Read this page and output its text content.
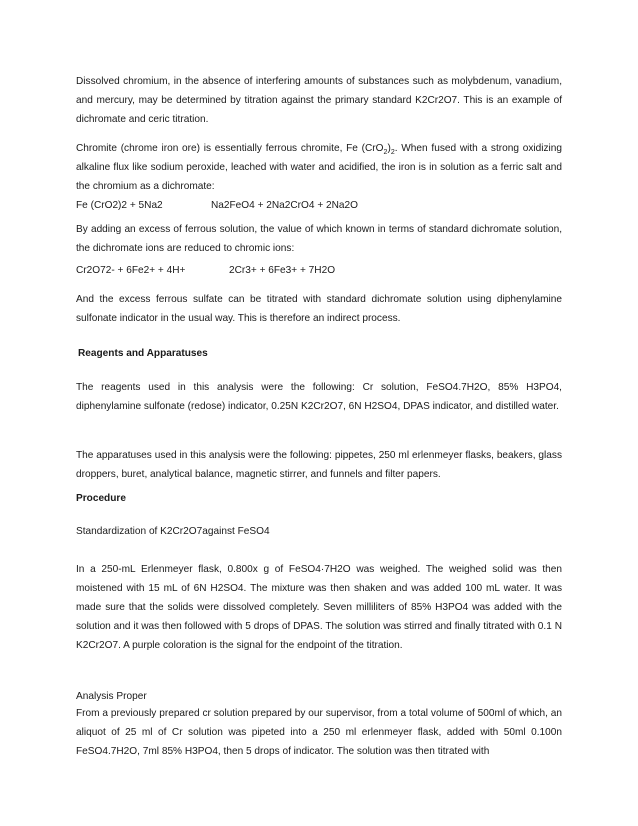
Dissolved chromium, in the absence of interfering amounts of substances such as molybdenum, vanadium, and mercury, may be determined by titration against the primary standard K2Cr2O7. This is an example of dichromate and ceric titration.

Chromite (chrome iron ore) is essentially ferrous chromite, Fe $(CrO_2)_2$. When fused with a strong oxidizing alkaline flux like sodium peroxide, leached with water and acidified, the iron is in solution as a ferric salt and the chromium as a dichromate:

Fe (CrO2)2 + 5Na2	Na2FeO4 + 2Na2CrO4 + 2Na2O

By adding an excess of ferrous solution, the value of which known in terms of standard dichromate solution, the dichromate ions are reduced to chromic ions:

Cr2O72- + 6Fe2+ + 4H+	2Cr3+ + 6Fe3+ + 7H2O

And the excess ferrous sulfate can be titrated with standard dichromate solution using diphenylamine sulfonate indicator in the usual way. This is therefore an indirect process.

Reagents and Apparatuses

The reagents used in this analysis were the following: Cr solution, FeSO4.7H2O, 85% H3PO4, diphenylamine sulfonate (redose) indicator, 0.25N K2Cr2O7, 6N H2SO4, DPAS indicator, and distilled water.

The apparatuses used in this analysis were the following: pippetes, 250 ml erlenmeyer flasks, beakers, glass droppers, buret, analytical balance, magnetic stirrer, and funnels and filter papers.

Procedure

Standardization of K2Cr2O7against FeSO4

In a 250-mL Erlenmeyer flask, 0.800x g of FeSO4·7H2O was weighed. The weighed solid was then moistened with 15 mL of 6N H2SO4. The mixture was then shaken and was added 100 mL water. It was made sure that the solids were dissolved completely. Seven milliliters of 85% H3PO4 was added with the solution and it was then followed with 5 drops of DPAS. The solution was stirred and finally titrated with 0.1 N K2Cr2O7. A purple coloration is the signal for the endpoint of the titration.

Analysis Proper

From a previously prepared cr solution prepared by our supervisor, from a total volume of 500ml of which, an aliquot of 25 ml of Cr solution was pipeted into a 250 ml erlenmeyer flask, added with 50ml 0.100n FeSO4.7H2O, 7ml 85% H3PO4, then 5 drops of indicator. The solution was then titrated with
